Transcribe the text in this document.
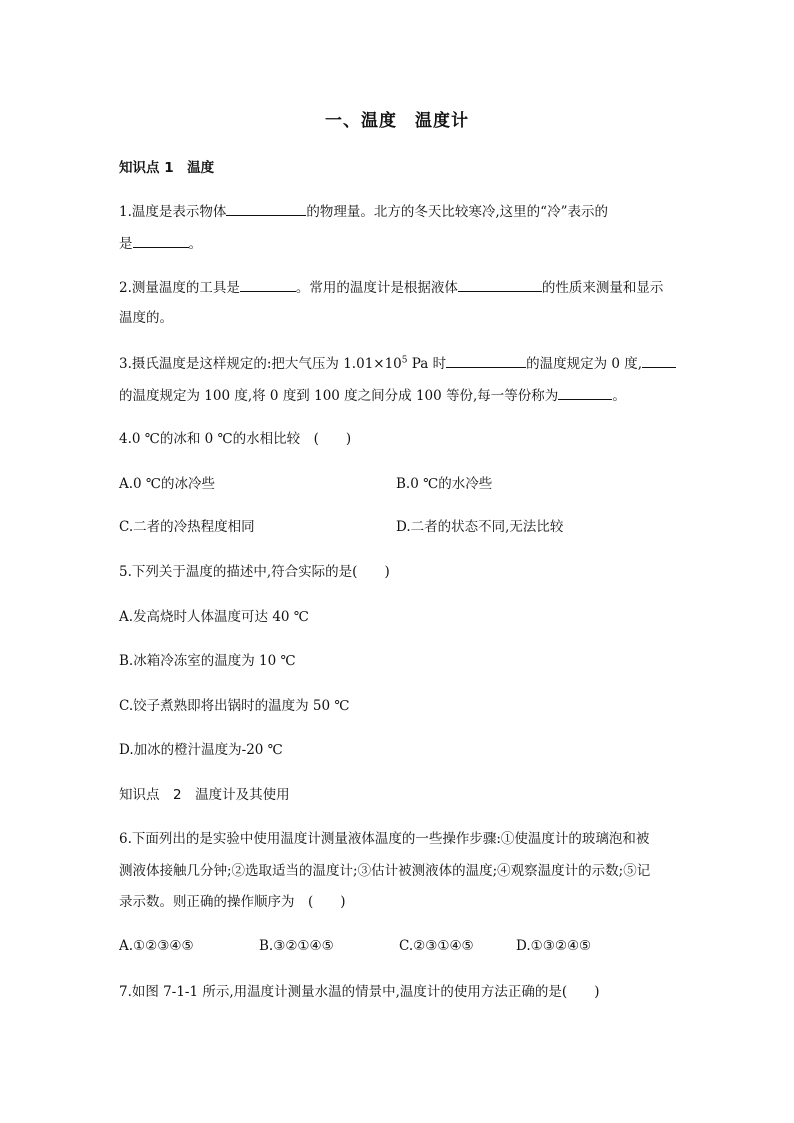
一、温度　温度计
知识点 1　温度
1.温度是表示物体	的物理量。北方的冬天比较寒冷,这里的“冷”表示的
是	。
2.测量温度的工具是	。常用的温度计是根据液体	的性质来测量和显示
温度的。
3.摄氏温度是这样规定的:把大气压为 $1.01\times 10^5$ Pa 时	的温度规定为 0 度,
的温度规定为 100 度,将 0 度到 100 度之间分成 100 等份,每一等份称为	。
4.0 ℃的冰和 0 ℃的水相比较　(　　)
A.0 ℃的冰冷些	B.0 ℃的水冷些
C.二者的冷热程度相同	D.二者的状态不同,无法比较
5.下列关于温度的描述中,符合实际的是(　　)
A.发高烧时人体温度可达 40 ℃
B.冰箱冷冻室的温度为 10 ℃
C.饺子煮熟即将出锅时的温度为 50 ℃
D.加冰的橙汁温度为-20 ℃
知识点　2　温度计及其使用
6.下面列出的是实验中使用温度计测量液体温度的一些操作步骤:①使温度计的玻璃泡和被
测液体接触几分钟;②选取适当的温度计;③估计被测液体的温度;④观察温度计的示数;⑤记
录示数。则正确的操作顺序为　(　　)
A.①②③④⑤	B.③②①④⑤	C.②③①④⑤	D.①③②④⑤
7.如图 7-1-1 所示,用温度计测量水温的情景中,温度计的使用方法正确的是(　　)
